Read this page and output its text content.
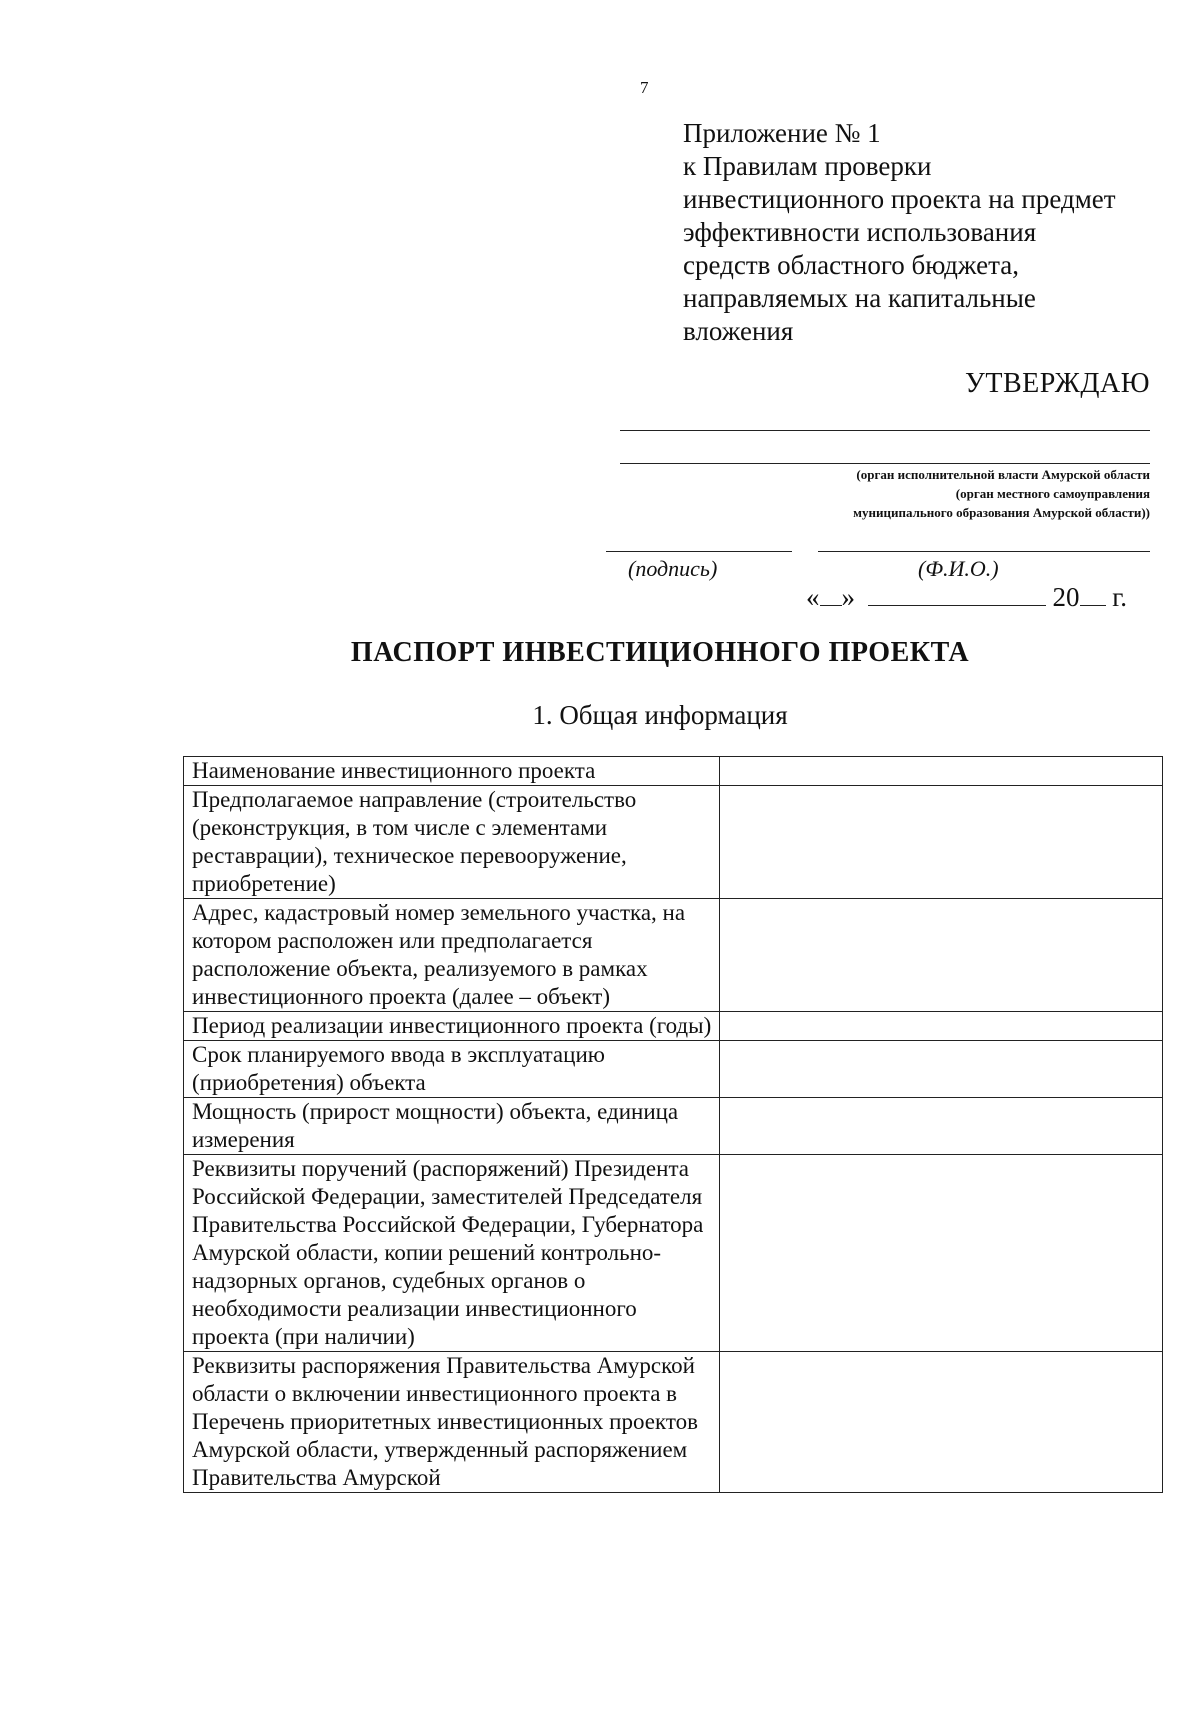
7
Приложение № 1
к Правилам проверки
инвестиционного проекта на предмет
эффективности использования
средств областного бюджета,
направляемых на капитальные
вложения
УТВЕРЖДАЮ
(орган исполнительной власти Амурской области
(орган местного самоуправления
муниципального образования Амурской области))
(подпись)	(Ф.И.О.)
« »	20 г.
ПАСПОРТ ИНВЕСТИЦИОННОГО ПРОЕКТА
1. Общая информация
Наименование инвестиционного проекта	
Предполагаемое направление (строительство (реконструкция, в том числе с элементами реставрации), техническое перевооружение, приобретение)	
Адрес, кадастровый номер земельного участка, на котором расположен или предполагается расположение объекта, реализуемого в рамках инвестиционного проекта (далее – объект)	
Период реализации инвестиционного проекта (годы)	
Срок планируемого ввода в эксплуатацию (приобретения) объекта	
Мощность (прирост мощности) объекта, единица измерения	
Реквизиты поручений (распоряжений) Президента Российской Федерации, заместителей Председателя Правительства Российской Федерации, Губернатора Амурской области, копии решений контрольно-надзорных органов, судебных органов о необходимости реализации инвестиционного проекта (при наличии)	
Реквизиты распоряжения Правительства Амурской области о включении инвестиционного проекта в Перечень приоритетных инвестиционных проектов Амурской области, утвержденный распоряжением Правительства Амурской	
